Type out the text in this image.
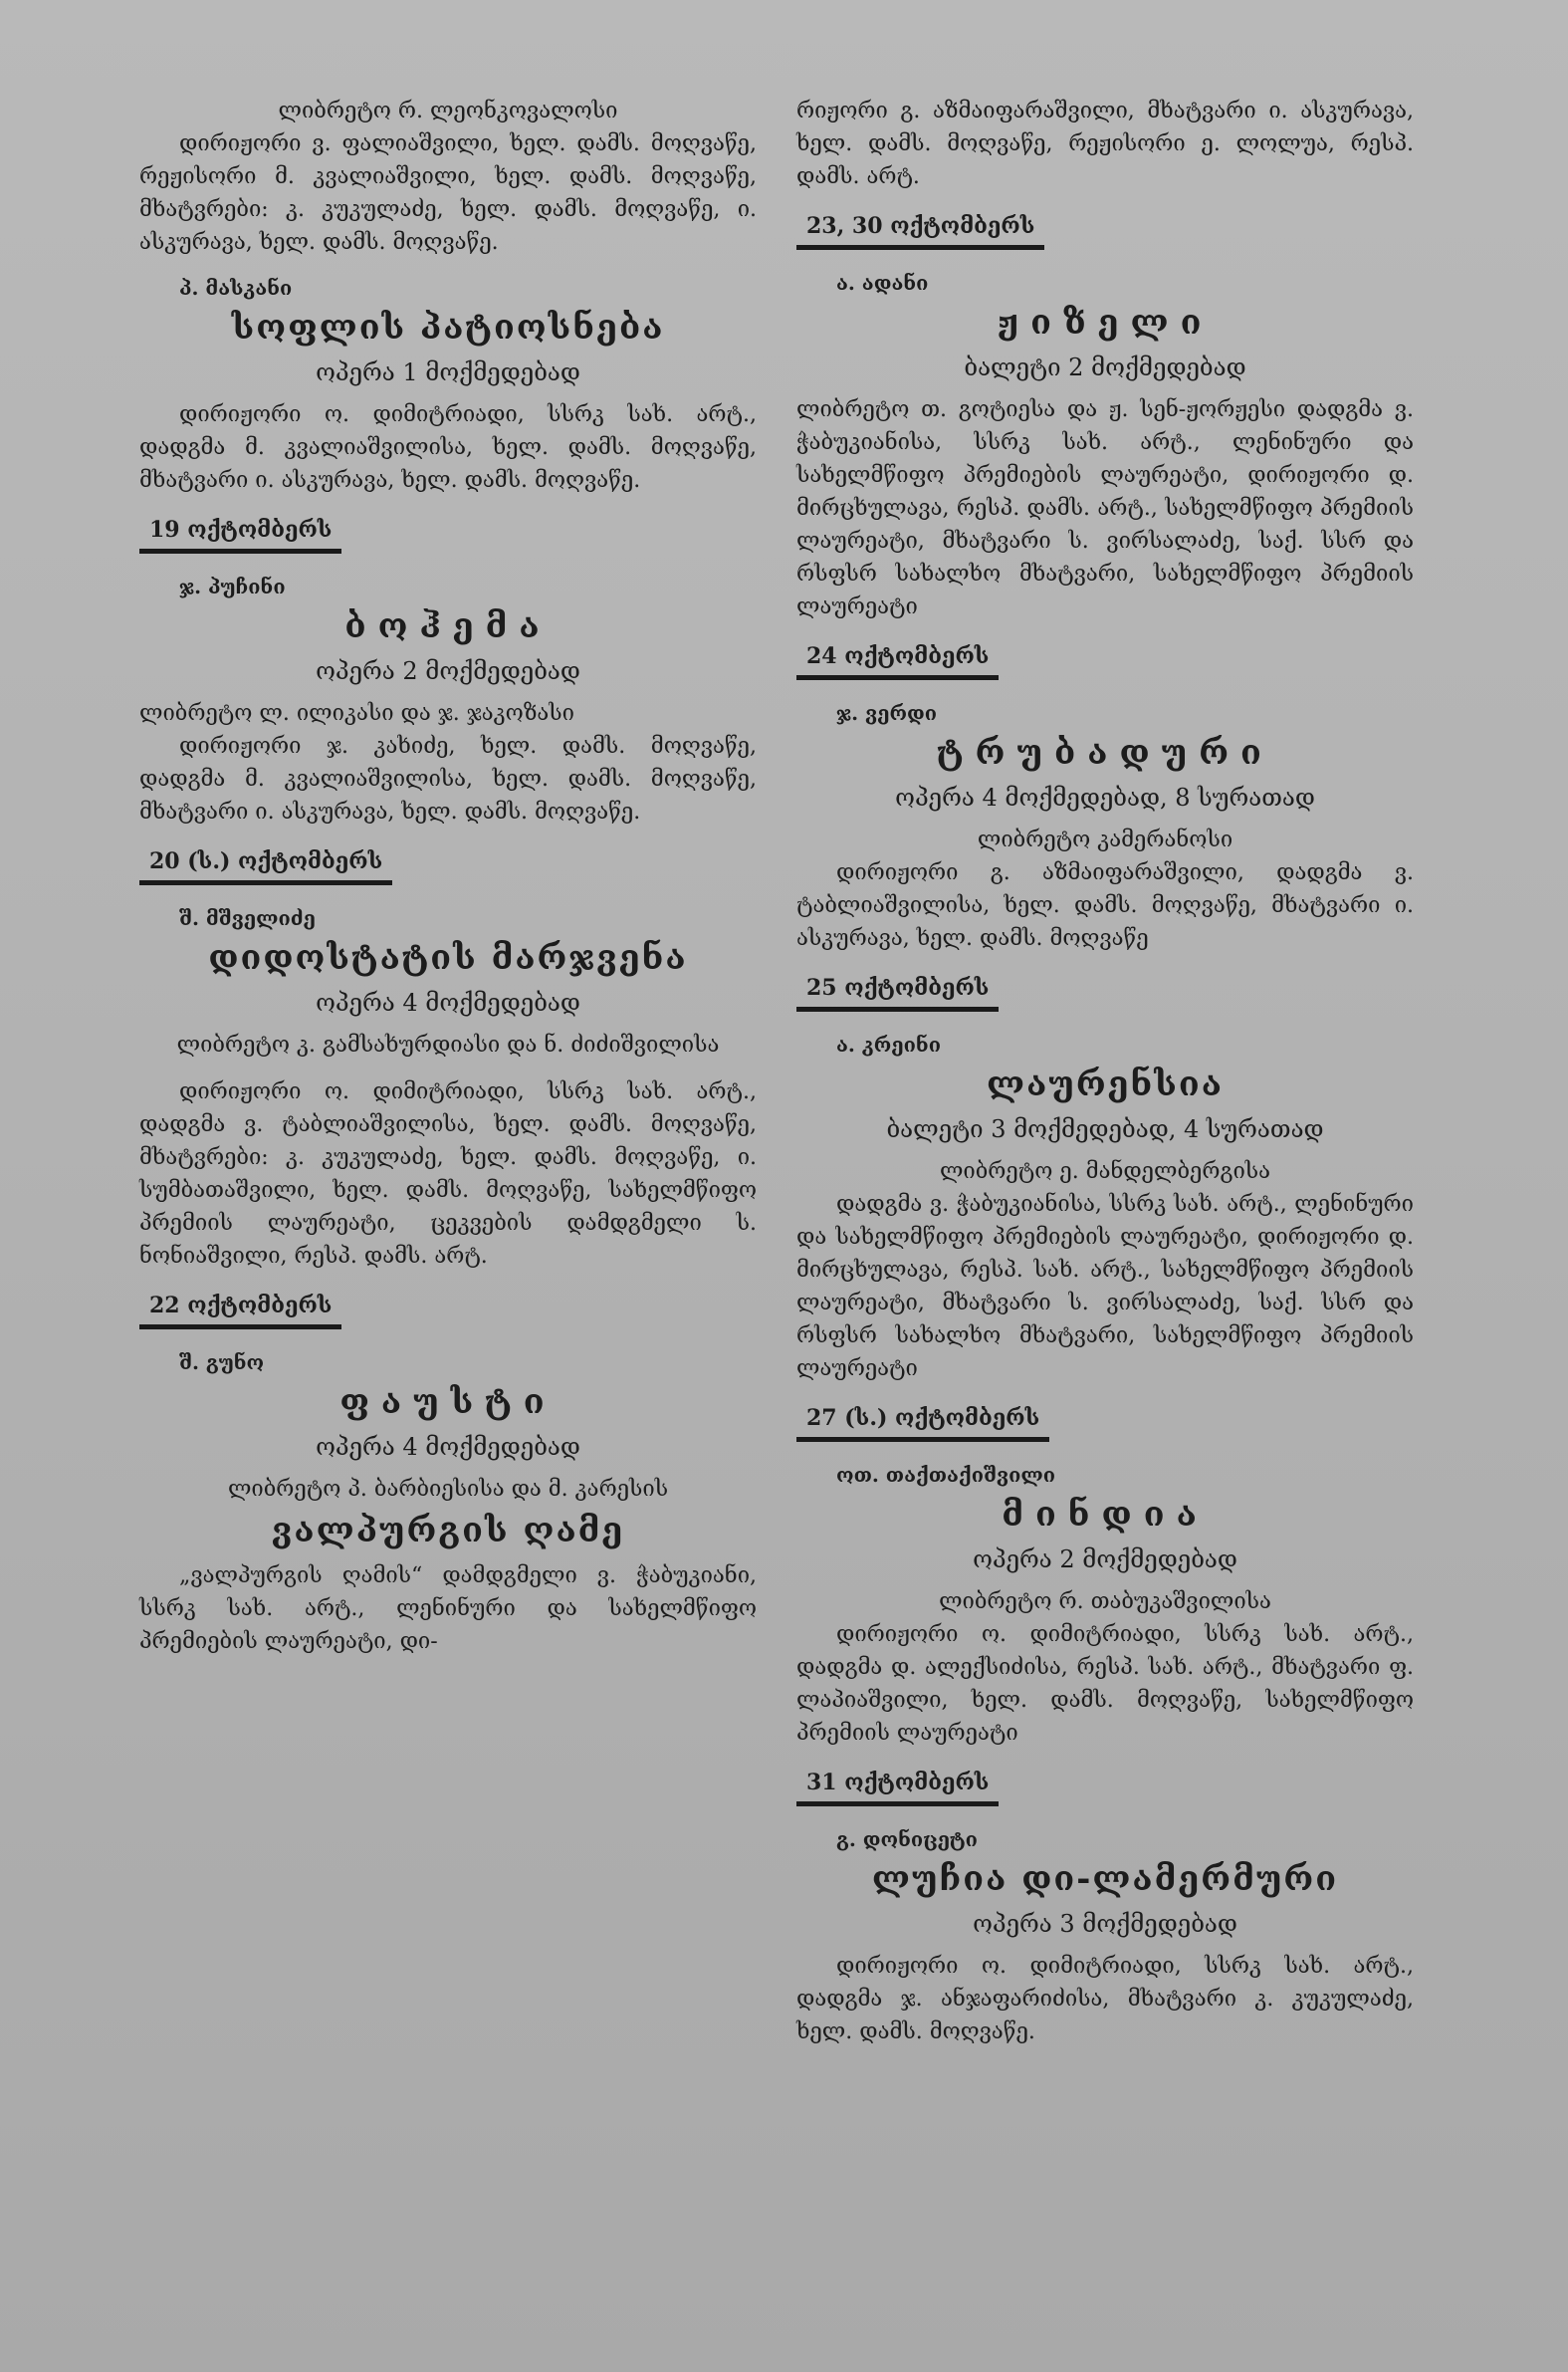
ლიბრეტო რ. ლეონკოვალოსი

დირიჟორი ვ. ფალიაშვილი, ხელ. დამს. მოღვაწე, რეჟისორი მ. კვალიაშვილი, ხელ. დამს. მოღვაწე, მხატვრები: კ. კუკულაძე, ხელ. დამს. მოღვაწე, ი. ასკურავა, ხელ. დამს. მოღვაწე.

პ. მასკანი
სოფლის პატიოსნება
ოპერა 1 მოქმედებად

დირიჟორი ო. დიმიტრიადი, სსრკ სახ. არტ., დადგმა მ. კვალიაშვილისა, ხელ. დამს. მოღვაწე, მხატვარი ი. ასკურავა, ხელ. დამს. მოღვაწე.

19 ოქტომბერს
ჯ. პუჩინი
ბოჰემა
ოპერა 2 მოქმედებად

ლიბრეტო ლ. ილიკასი და ჯ. ჯაკოზასი

დირიჟორი ჯ. კახიძე, ხელ. დამს. მოღვაწე, დადგმა მ. კვალიაშვილისა, ხელ. დამს. მოღვაწე, მხატვარი ი. ასკურავა, ხელ. დამს. მოღვაწე.

20 (ს.) ოქტომბერს
შ. მშველიძე
დიდოსტატის მარჯვენა
ოპერა 4 მოქმედებად

ლიბრეტო კ. გამსახურდიასი და ნ. ძიძიშვილისა

დირიჟორი ო. დიმიტრიადი, სსრკ სახ. არტ., დადგმა ვ. ტაბლიაშვილისა, ხელ. დამს. მოღვაწე, მხატვრები: კ. კუკულაძე, ხელ. დამს. მოღვაწე, ი. სუმბათაშვილი, ხელ. დამს. მოღვაწე, სახელმწიფო პრემიის ლაურეატი, ცეკვების დამდგმელი ს. ნონიაშვილი, რესპ. დამს. არტ.

22 ოქტომბერს
შ. გუნო
ფაუსტი
ოპერა 4 მოქმედებად

ლიბრეტო პ. ბარბიესისა და მ. კარესის

ვალპურგის ღამე

„ვალპურგის ღამის“ დამდგმელი ვ. ჭაბუკიანი, სსრკ სახ. არტ., ლენინური და სახელმწიფო პრემიების ლაურეატი, დი-

რიჟორი გ. აზმაიფარაშვილი, მხატვარი ი. ასკურავა, ხელ. დამს. მოღვაწე, რეჟისორი ე. ლოლუა, რესპ. დამს. არტ.

23, 30 ოქტომბერს
ა. ადანი
ჟიზელი
ბალეტი 2 მოქმედებად

ლიბრეტო თ. გოტიესა და ჟ. სენ-ჟორჟესი დადგმა ვ. ჭაბუკიანისა, სსრკ სახ. არტ., ლენინური და სახელმწიფო პრემიების ლაურეატი, დირიჟორი დ. მირცხულავა, რესპ. დამს. არტ., სახელმწიფო პრემიის ლაურეატი, მხატვარი ს. ვირსალაძე, საქ. სსრ და რსფსრ სახალხო მხატვარი, სახელმწიფო პრემიის ლაურეატი

24 ოქტომბერს
ჯ. ვერდი
ტრუბადური
ოპერა 4 მოქმედებად, 8 სურათად

ლიბრეტო კამერანოსი

დირიჟორი გ. აზმაიფარაშვილი, დადგმა ვ. ტაბლიაშვილისა, ხელ. დამს. მოღვაწე, მხატვარი ი. ასკურავა, ხელ. დამს. მოღვაწე

25 ოქტომბერს
ა. კრეინი
ლაურენსია
ბალეტი 3 მოქმედებად, 4 სურათად

ლიბრეტო ე. მანდელბერგისა

დადგმა ვ. ჭაბუკიანისა, სსრკ სახ. არტ., ლენინური და სახელმწიფო პრემიების ლაურეატი, დირიჟორი დ. მირცხულავა, რესპ. სახ. არტ., სახელმწიფო პრემიის ლაურეატი, მხატვარი ს. ვირსალაძე, საქ. სსრ და რსფსრ სახალხო მხატვარი, სახელმწიფო პრემიის ლაურეატი

27 (ს.) ოქტომბერს
ოთ. თაქთაქიშვილი
მინდია
ოპერა 2 მოქმედებად

ლიბრეტო რ. თაბუკაშვილისა

დირიჟორი ო. დიმიტრიადი, სსრკ სახ. არტ., დადგმა დ. ალექსიძისა, რესპ. სახ. არტ., მხატვარი ფ. ლაპიაშვილი, ხელ. დამს. მოღვაწე, სახელმწიფო პრემიის ლაურეატი

31 ოქტომბერს
გ. დონიცეტი
ლუჩია დი-ლამერმური
ოპერა 3 მოქმედებად

დირიჟორი ო. დიმიტრიადი, სსრკ სახ. არტ., დადგმა ჯ. ანჯაფარიძისა, მხატვარი კ. კუკულაძე, ხელ. დამს. მოღვაწე.
